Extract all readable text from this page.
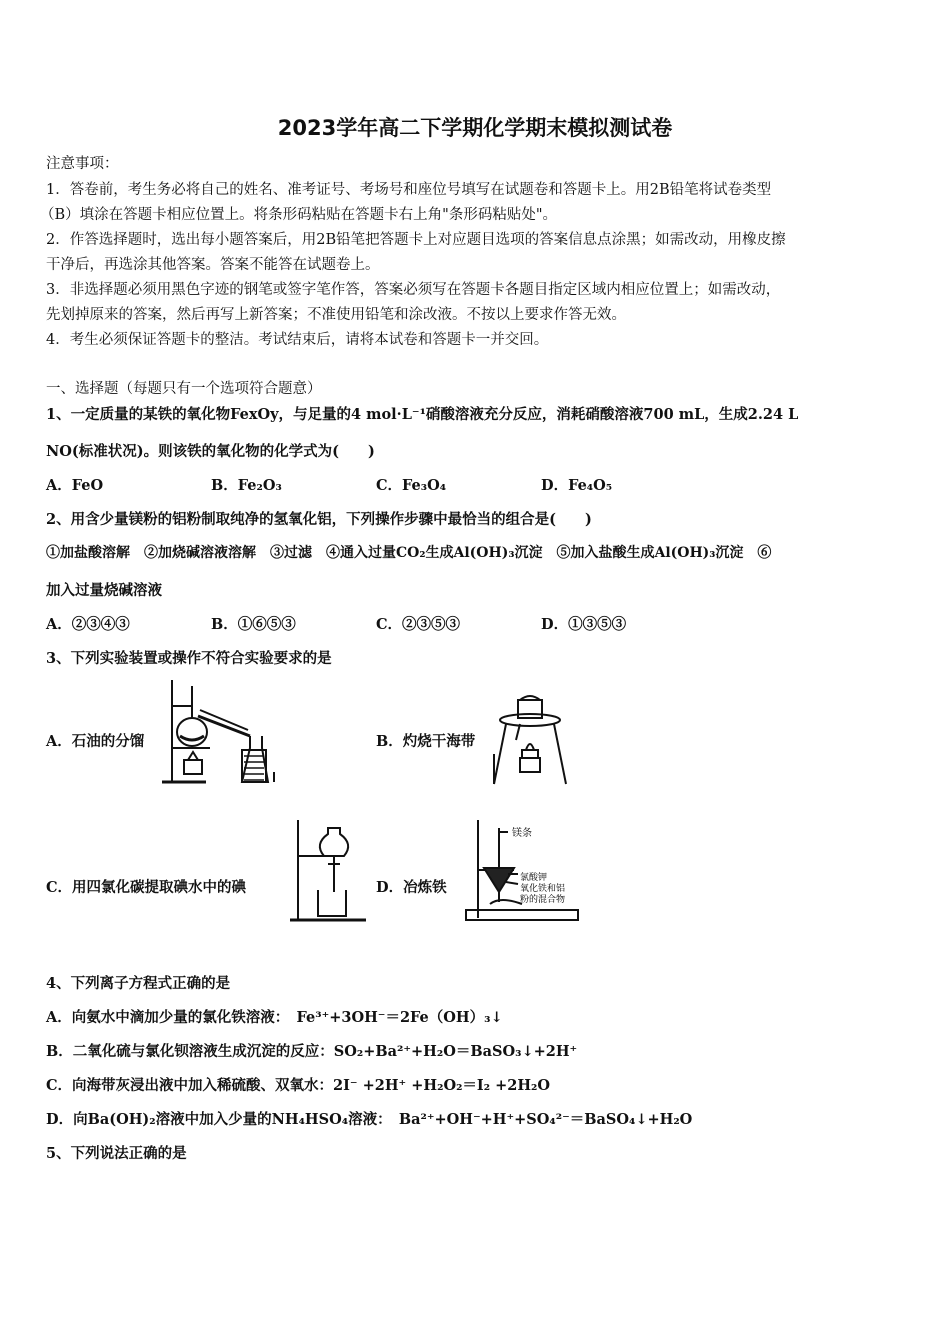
2023学年高二下学期化学期末模拟测试卷
注意事项：
1．答卷前，考生务必将自己的姓名、准考证号、考场号和座位号填写在试题卷和答题卡上。用2B铅笔将试卷类型
（B）填涂在答题卡相应位置上。将条形码粘贴在答题卡右上角"条形码粘贴处"。
2．作答选择题时，选出每小题答案后，用2B铅笔把答题卡上对应题目选项的答案信息点涂黑；如需改动，用橡皮擦
干净后，再选涂其他答案。答案不能答在试题卷上。
3．非选择题必须用黑色字迹的钢笔或签字笔作答，答案必须写在答题卡各题目指定区域内相应位置上；如需改动，
先划掉原来的答案，然后再写上新答案；不准使用铅笔和涂改液。不按以上要求作答无效。
4．考生必须保证答题卡的整洁。考试结束后，请将本试卷和答题卡一并交回。
一、选择题（每题只有一个选项符合题意）
1、一定质量的某铁的氧化物FexOy，与足量的4 mol·L⁻¹硝酸溶液充分反应，消耗硝酸溶液700 mL，生成2.24 L
NO(标准状况)。则该铁的氧化物的化学式为(　　)
A．FeO	B．Fe₂O₃	C．Fe₃O₄	D．Fe₄O₅
2、用含少量镁粉的铝粉制取纯净的氢氧化铝，下列操作步骤中最恰当的组合是(　　)
①加盐酸溶解　②加烧碱溶液溶解　③过滤　④通入过量CO₂生成Al(OH)₃沉淀　⑤加入盐酸生成Al(OH)₃沉淀　⑥
加入过量烧碱溶液
A．②③④③	B．①⑥⑤③	C．②③⑤③	D．①③⑤③
3、下列实验装置或操作不符合实验要求的是
A．石油的分馏	B．灼烧干海带
C．用四氯化碳提取碘水中的碘	D．冶炼铁
镁条
氯酸钾
氧化铁和铝
粉的混合物
4、下列离子方程式正确的是
A．向氨水中滴加少量的氯化铁溶液：　Fe³⁺+3OH⁻＝2Fe（OH）₃↓
B．二氧化硫与氯化钡溶液生成沉淀的反应：SO₂+Ba²⁺+H₂O＝BaSO₃↓+2H⁺
C．向海带灰浸出液中加入稀硫酸、双氧水：2I⁻ +2H⁺ +H₂O₂＝I₂ +2H₂O
D．向Ba(OH)₂溶液中加入少量的NH₄HSO₄溶液：　Ba²⁺+OH⁻+H⁺+SO₄²⁻＝BaSO₄↓+H₂O
5、下列说法正确的是
